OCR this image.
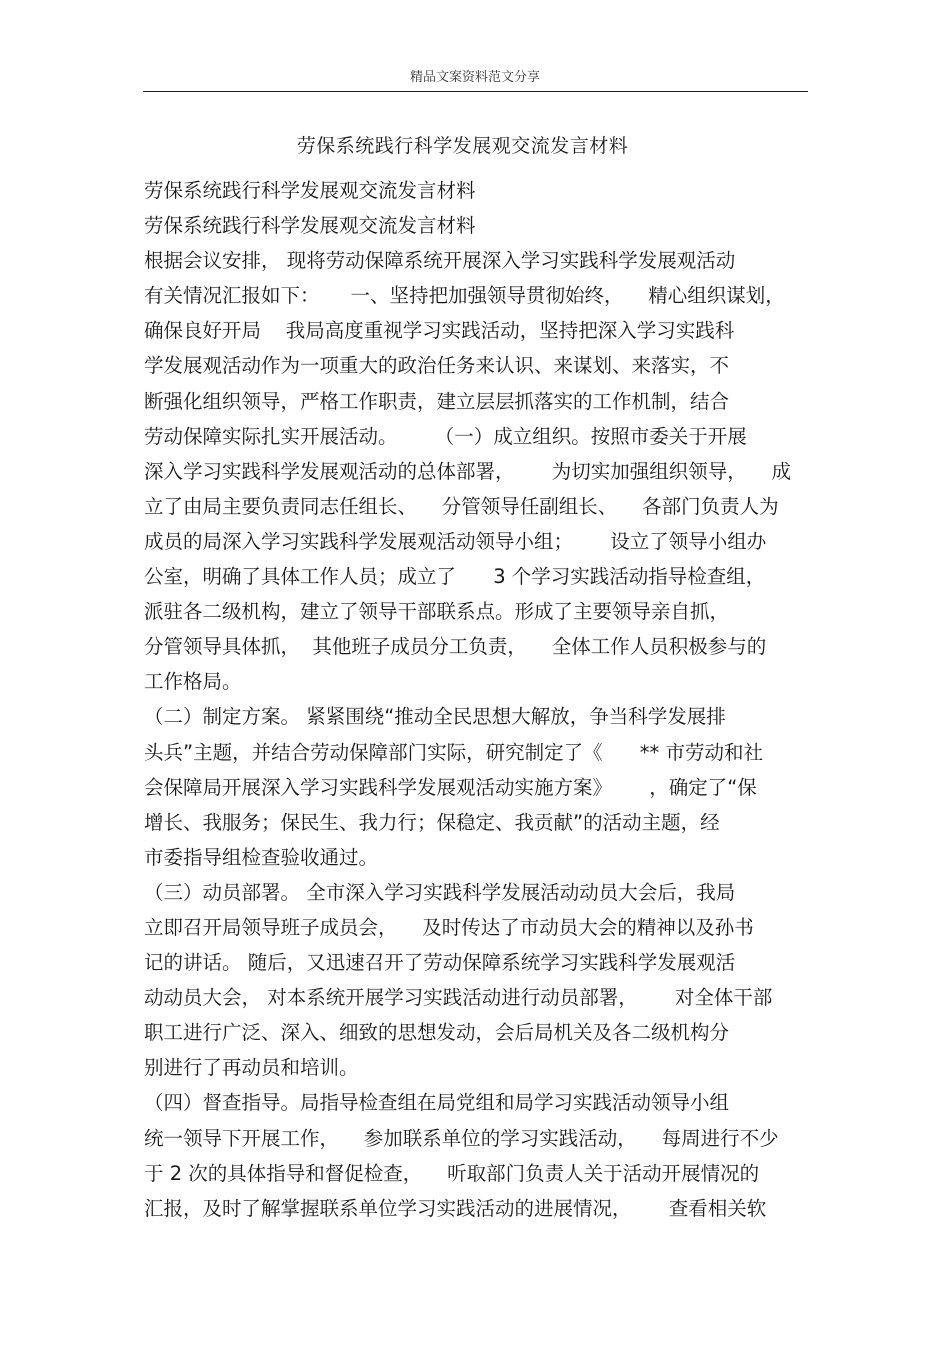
精品文案资料范文分享
劳保系统践行科学发展观交流发言材料
劳保系统践行科学发展观交流发言材料
劳保系统践行科学发展观交流发言材料
根据会议安排， 现将劳动保障系统开展深入学习实践科学发展观活动
有关情况汇报如下：     一、坚持把加强领导贯彻始终，    精心组织谋划，
确保良好开局    我局高度重视学习实践活动，坚持把深入学习实践科
学发展观活动作为一项重大的政治任务来认识、来谋划、来落实，不
断强化组织领导，严格工作职责，建立层层抓落实的工作机制，结合
劳动保障实际扎实开展活动。      （一）成立组织。按照市委关于开展
深入学习实践科学发展观活动的总体部署，      为切实加强组织领导，    成
立了由局主要负责同志任组长、    分管领导任副组长、    各部门负责人为
成员的局深入学习实践科学发展观活动领导小组；      设立了领导小组办
公室，明确了具体工作人员；成立了      3 个学习实践活动指导检查组，
派驻各二级机构，建立了领导干部联系点。形成了主要领导亲自抓，
分管领导具体抓，  其他班子成员分工负责，    全体工作人员积极参与的
工作格局。
（二）制定方案。 紧紧围绕“推动全民思想大解放，争当科学发展排
头兵”主题，并结合劳动保障部门实际，研究制定了《      ** 市劳动和社
会保障局开展深入学习实践科学发展观活动实施方案》      ，确定了“保
增长、我服务；保民生、我力行；保稳定、我贡献”的活动主题，经
市委指导组检查验收通过。
（三）动员部署。 全市深入学习实践科学发展活动动员大会后，我局
立即召开局领导班子成员会，    及时传达了市动员大会的精神以及孙书
记的讲话。 随后，又迅速召开了劳动保障系统学习实践科学发展观活
动动员大会， 对本系统开展学习实践活动进行动员部署，      对全体干部
职工进行广泛、深入、细致的思想发动，会后局机关及各二级机构分
别进行了再动员和培训。
（四）督查指导。局指导检查组在局党组和局学习实践活动领导小组
统一领导下开展工作，    参加联系单位的学习实践活动，    每周进行不少
于 2 次的具体指导和督促检查，    听取部门负责人关于活动开展情况的
汇报，及时了解掌握联系单位学习实践活动的进展情况，      查看相关软
